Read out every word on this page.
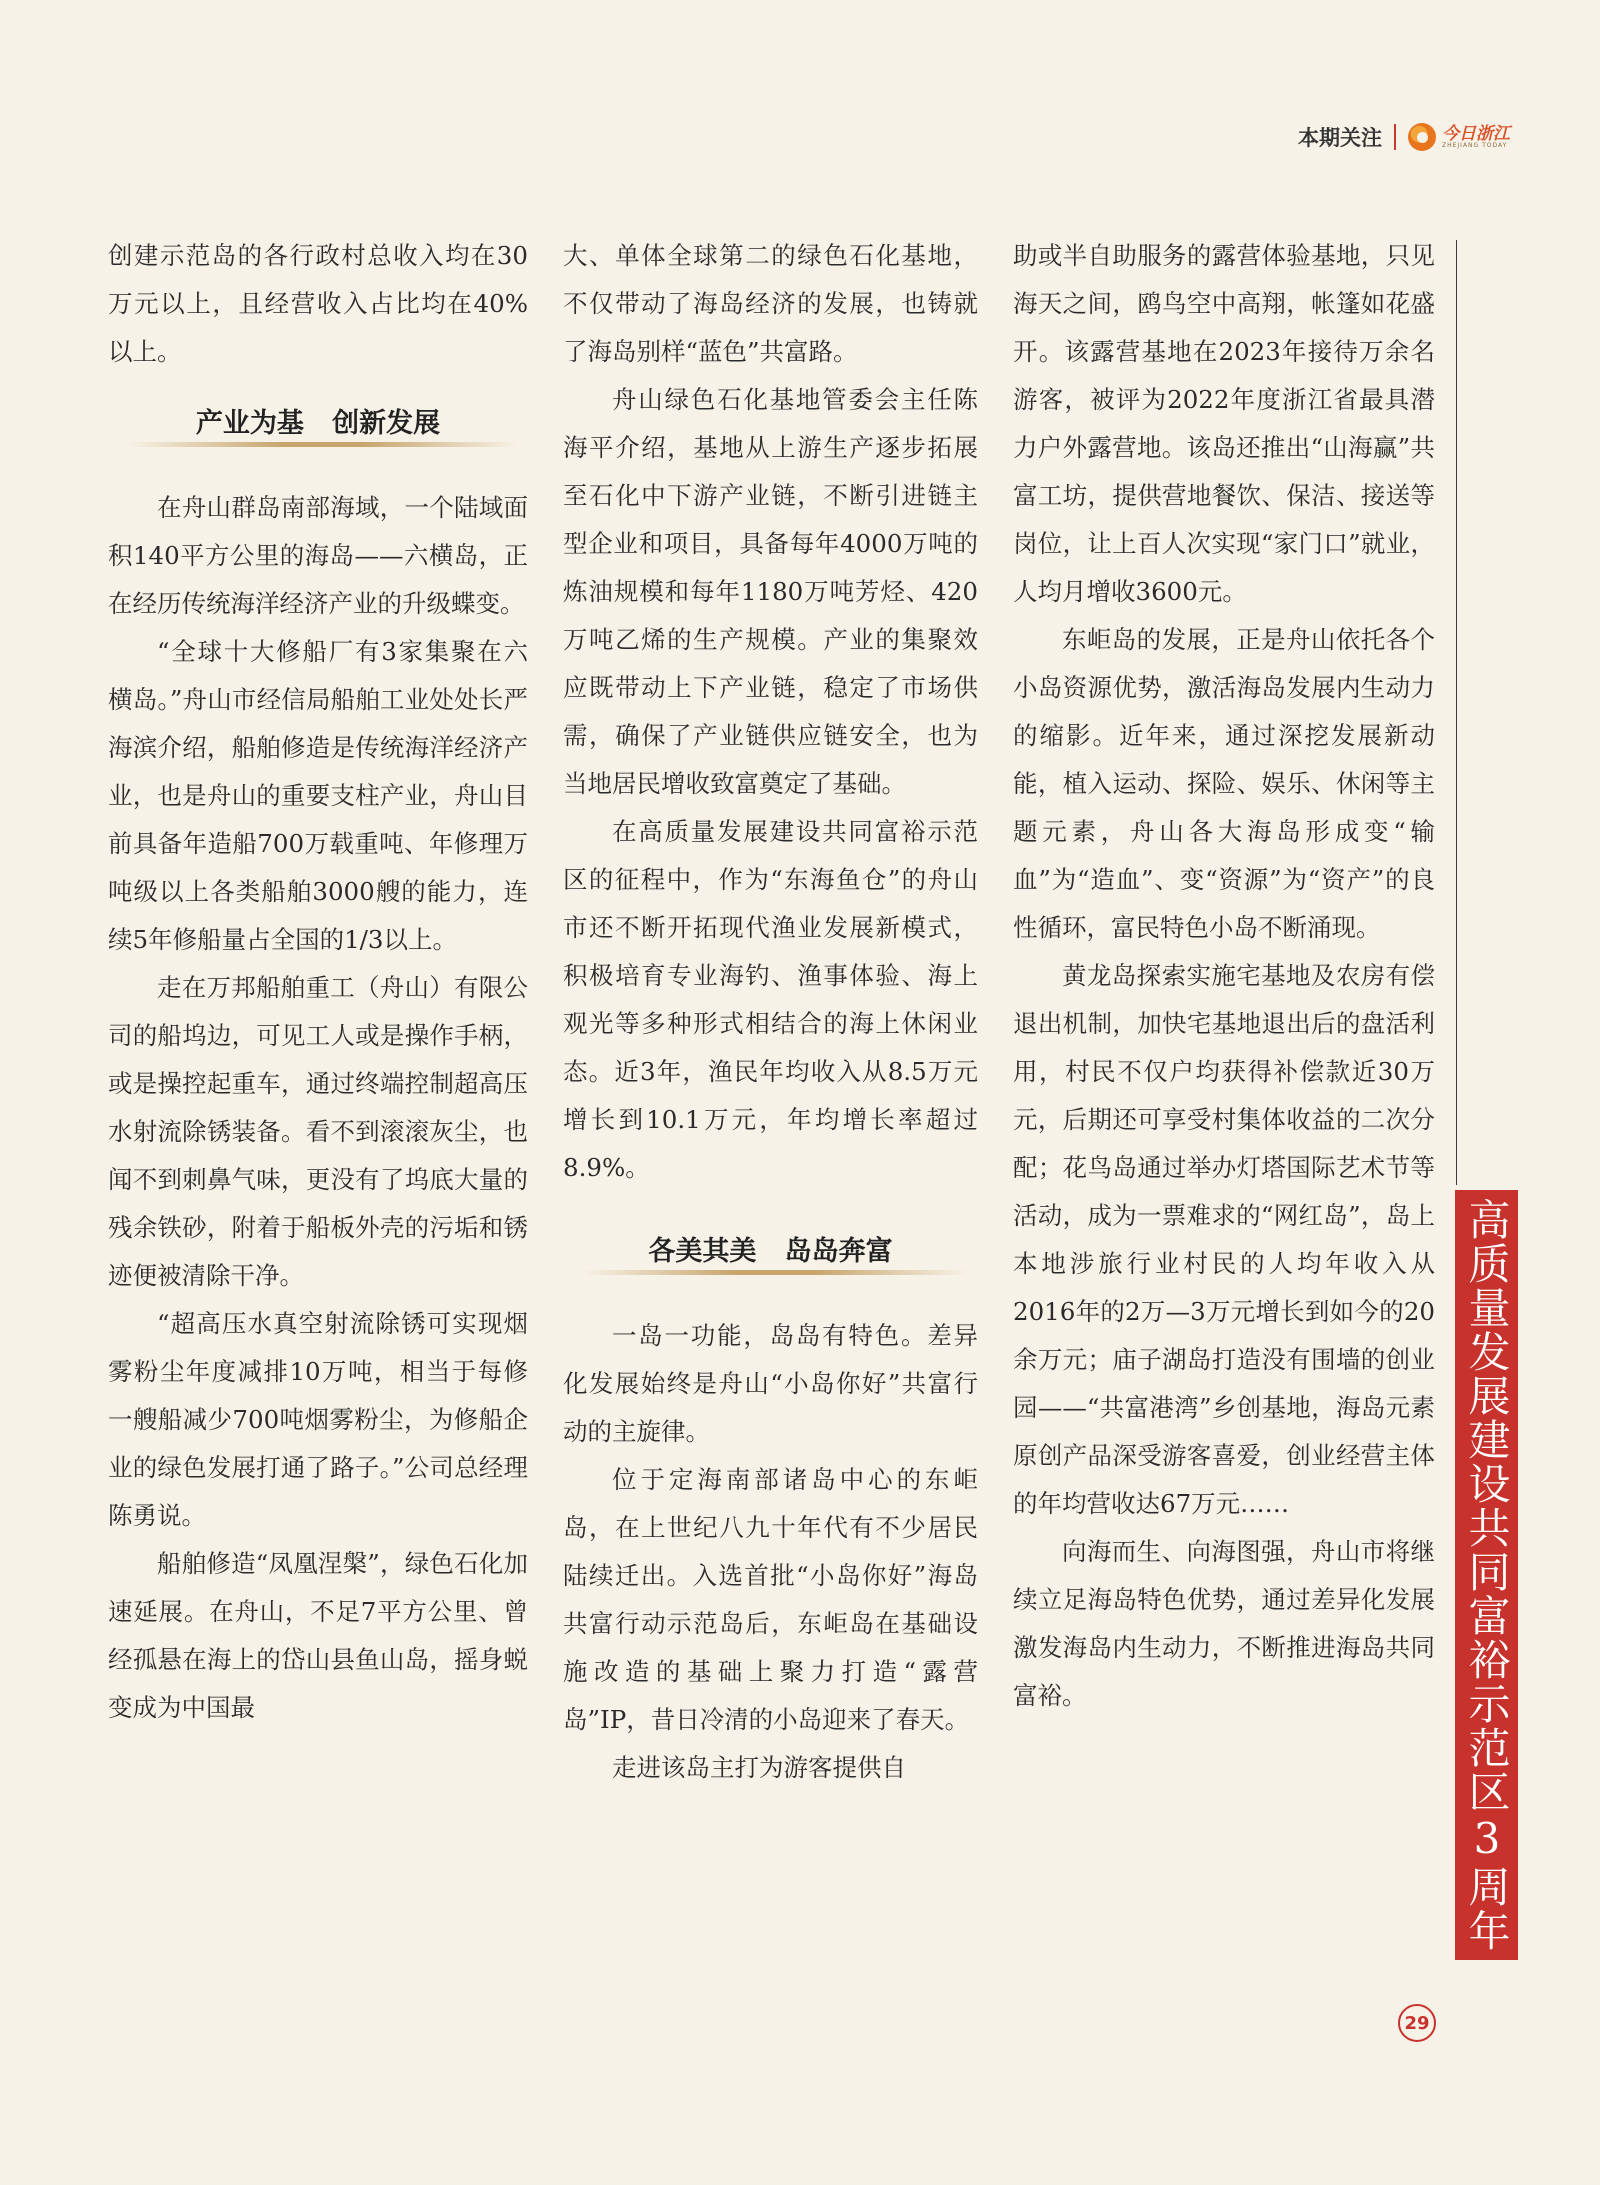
本期关注	今日浙江
ZHEJIANG TODAY

创建示范岛的各行政村总收入均在30万元以上，且经营收入占比均在40%以上。

产业为基   创新发展

在舟山群岛南部海域，一个陆域面积140平方公里的海岛——六横岛，正在经历传统海洋经济产业的升级蝶变。

“全球十大修船厂有3家集聚在六横岛。”舟山市经信局船舶工业处处长严海滨介绍，船舶修造是传统海洋经济产业，也是舟山的重要支柱产业，舟山目前具备年造船700万载重吨、年修理万吨级以上各类船舶3000艘的能力，连续5年修船量占全国的1/3以上。

走在万邦船舶重工（舟山）有限公司的船坞边，可见工人或是操作手柄，或是操控起重车，通过终端控制超高压水射流除锈装备。看不到滚滚灰尘，也闻不到刺鼻气味，更没有了坞底大量的残余铁砂，附着于船板外壳的污垢和锈迹便被清除干净。

“超高压水真空射流除锈可实现烟雾粉尘年度减排10万吨，相当于每修一艘船减少700吨烟雾粉尘，为修船企业的绿色发展打通了路子。”公司总经理陈勇说。

船舶修造“凤凰涅槃”，绿色石化加速延展。在舟山，不足7平方公里、曾经孤悬在海上的岱山县鱼山岛，摇身蜕变成为中国最

大、单体全球第二的绿色石化基地，不仅带动了海岛经济的发展，也铸就了海岛别样“蓝色”共富路。

舟山绿色石化基地管委会主任陈海平介绍，基地从上游生产逐步拓展至石化中下游产业链，不断引进链主型企业和项目，具备每年4000万吨的炼油规模和每年1180万吨芳烃、420万吨乙烯的生产规模。产业的集聚效应既带动上下产业链，稳定了市场供需，确保了产业链供应链安全，也为当地居民增收致富奠定了基础。

在高质量发展建设共同富裕示范区的征程中，作为“东海鱼仓”的舟山市还不断开拓现代渔业发展新模式，积极培育专业海钓、渔事体验、海上观光等多种形式相结合的海上休闲业态。近3年，渔民年均收入从8.5万元增长到10.1万元，年均增长率超过8.9%。

各美其美   岛岛奔富

一岛一功能，岛岛有特色。差异化发展始终是舟山“小岛你好”共富行动的主旋律。

位于定海南部诸岛中心的东岠岛，在上世纪八九十年代有不少居民陆续迁出。入选首批“小岛你好”海岛共富行动示范岛后，东岠岛在基础设施改造的基础上聚力打造“露营岛”IP，昔日冷清的小岛迎来了春天。

走进该岛主打为游客提供自

助或半自助服务的露营体验基地，只见海天之间，鸥鸟空中高翔，帐篷如花盛开。该露营基地在2023年接待万余名游客，被评为2022年度浙江省最具潜力户外露营地。该岛还推出“山海赢”共富工坊，提供营地餐饮、保洁、接送等岗位，让上百人次实现“家门口”就业，人均月增收3600元。

东岠岛的发展，正是舟山依托各个小岛资源优势，激活海岛发展内生动力的缩影。近年来，通过深挖发展新动能，植入运动、探险、娱乐、休闲等主题元素，舟山各大海岛形成变“输血”为“造血”、变“资源”为“资产”的良性循环，富民特色小岛不断涌现。

黄龙岛探索实施宅基地及农房有偿退出机制，加快宅基地退出后的盘活利用，村民不仅户均获得补偿款近30万元，后期还可享受村集体收益的二次分配；花鸟岛通过举办灯塔国际艺术节等活动，成为一票难求的“网红岛”，岛上本地涉旅行业村民的人均年收入从2016年的2万—3万元增长到如今的20余万元；庙子湖岛打造没有围墙的创业园——“共富港湾”乡创基地，海岛元素原创产品深受游客喜爱，创业经营主体的年均营收达67万元……

向海而生、向海图强，舟山市将继续立足海岛特色优势，通过差异化发展激发海岛内生动力，不断推进海岛共同富裕。	高质量发展建设共同富裕示范区3周年
29
